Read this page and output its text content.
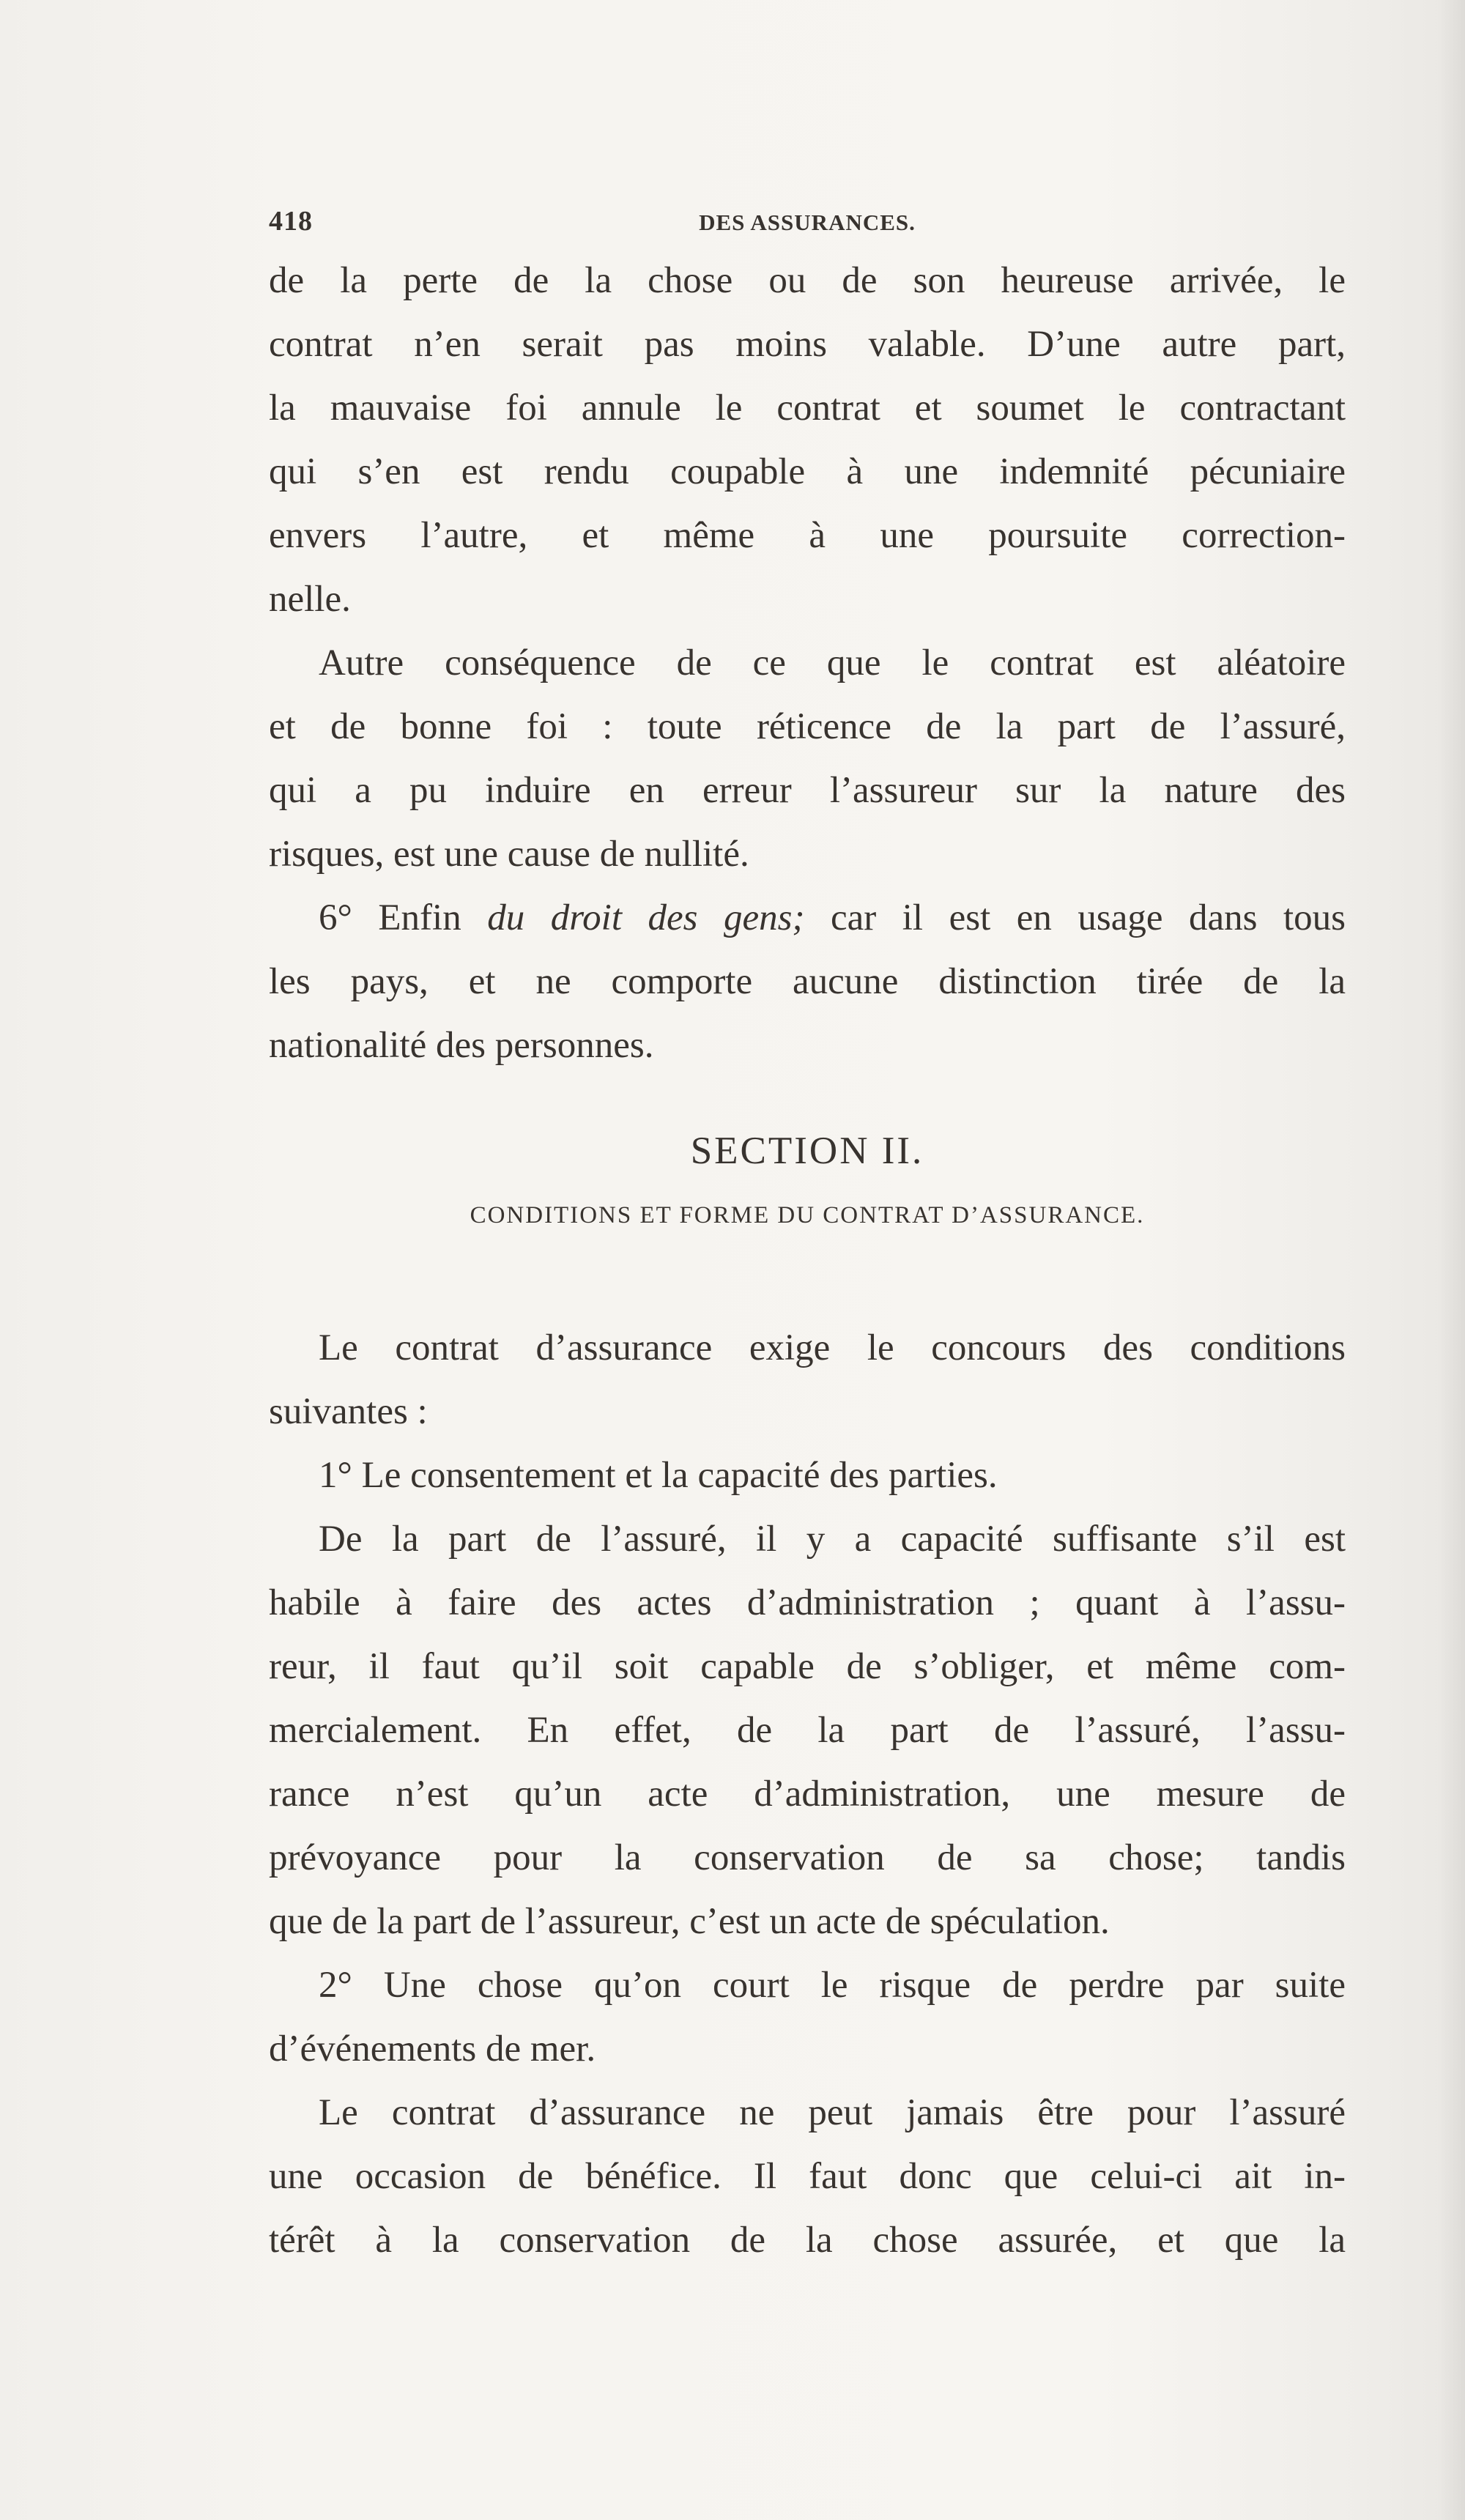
418	DES ASSURANCES.

de la perte de la chose ou de son heureuse arrivée, le

contrat n’en serait pas moins valable. D’une autre part,

la mauvaise foi annule le contrat et soumet le contractant

qui s’en est rendu coupable à une indemnité pécuniaire

envers l’autre, et même à une poursuite correction-

nelle.

Autre conséquence de ce que le contrat est aléatoire

et de bonne foi : toute réticence de la part de l’assuré,

qui a pu induire en erreur l’assureur sur la nature des

risques, est une cause de nullité.

6° Enfin du droit des gens; car il est en usage dans tous

les pays, et ne comporte aucune distinction tirée de la

nationalité des personnes.

SECTION II.
CONDITIONS ET FORME DU CONTRAT D’ASSURANCE.

Le contrat d’assurance exige le concours des conditions

suivantes :

1° Le consentement et la capacité des parties.

De la part de l’assuré, il y a capacité suffisante s’il est

habile à faire des actes d’administration ; quant à l’assu-

reur, il faut qu’il soit capable de s’obliger, et même com-

mercialement. En effet, de la part de l’assuré, l’assu-

rance n’est qu’un acte d’administration, une mesure de

prévoyance pour la conservation de sa chose; tandis

que de la part de l’assureur, c’est un acte de spéculation.

2° Une chose qu’on court le risque de perdre par suite

d’événements de mer.

Le contrat d’assurance ne peut jamais être pour l’assuré

une occasion de bénéfice. Il faut donc que celui-ci ait in-

térêt à la conservation de la chose assurée, et que la
